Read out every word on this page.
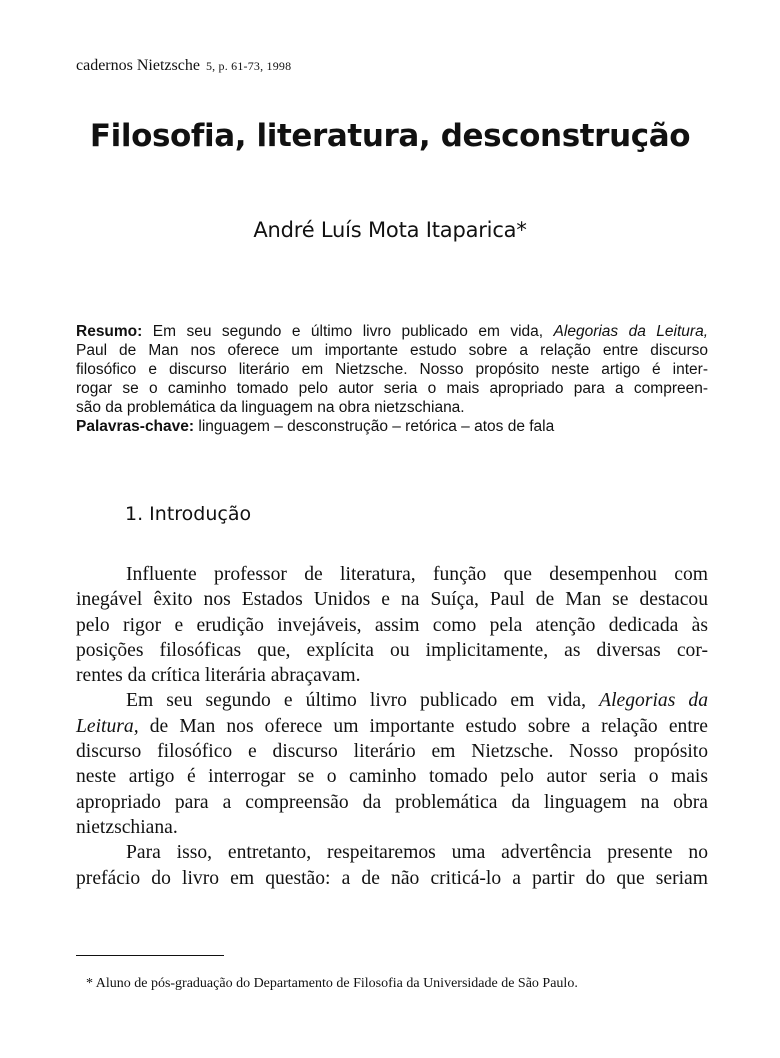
cadernos Nietzsche 5, p. 61-73, 1998
Filosofia, literatura, desconstrução
André Luís Mota Itaparica*
Resumo: Em seu segundo e último livro publicado em vida, Alegorias da Leitura,
Paul de Man nos oferece um importante estudo sobre a relação entre discurso
filosófico e discurso literário em Nietzsche. Nosso propósito neste artigo é inter-
rogar se o caminho tomado pelo autor seria o mais apropriado para a compreen-
são da problemática da linguagem na obra nietzschiana.
Palavras-chave: linguagem – desconstrução – retórica – atos de fala
1. Introdução
Influente professor de literatura, função que desempenhou com
inegável êxito nos Estados Unidos e na Suíça, Paul de Man se destacou
pelo rigor e erudição invejáveis, assim como pela atenção dedicada às
posições filosóficas que, explícita ou implicitamente, as diversas cor-
rentes da crítica literária abraçavam.
Em seu segundo e último livro publicado em vida, Alegorias da
Leitura, de Man nos oferece um importante estudo sobre a relação entre
discurso filosófico e discurso literário em Nietzsche. Nosso propósito
neste artigo é interrogar se o caminho tomado pelo autor seria o mais
apropriado para a compreensão da problemática da linguagem na obra
nietzschiana.
Para isso, entretanto, respeitaremos uma advertência presente no
prefácio do livro em questão: a de não criticá-lo a partir do que seriam
* Aluno de pós-graduação do Departamento de Filosofia da Universidade de São Paulo.
